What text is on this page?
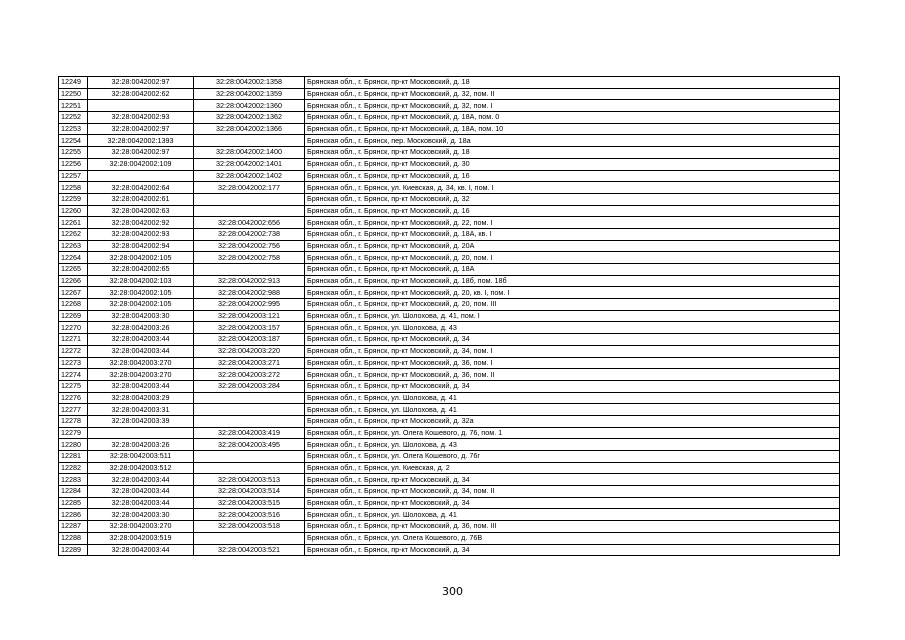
12249	32:28:0042002:97	32:28:0042002:1358	Брянская обл., г. Брянск, пр-кт Московский, д. 18
12250	32:28:0042002:62	32:28:0042002:1359	Брянская обл., г. Брянск, пр-кт Московский, д. 32, пом. II
12251		32:28:0042002:1360	Брянская обл., г. Брянск, пр-кт Московский, д. 32, пом. I
12252	32:28:0042002:93	32:28:0042002:1362	Брянская обл., г. Брянск, пр-кт Московский, д. 18А, пом. 0
12253	32:28:0042002:97	32:28:0042002:1366	Брянская обл., г. Брянск, пр-кт Московский, д. 18А, пом. 10
12254	32:28:0042002:1393		Брянская обл., г. Брянск, пер. Московский, д. 18а
12255	32:28:0042002:97	32:28:0042002:1400	Брянская обл., г. Брянск, пр-кт Московский, д. 18
12256	32:28:0042002:109	32:28:0042002:1401	Брянская обл., г. Брянск, пр-кт Московский, д. 30
12257		32:28:0042002:1402	Брянская обл., г. Брянск, пр-кт Московский, д. 16
12258	32:28:0042002:64	32:28:0042002:177	Брянская обл., г. Брянск, ул. Киевская, д. 34, кв. I, пом. I
12259	32:28:0042002:61		Брянская обл., г. Брянск, пр-кт Московский, д. 32
12260	32:28:0042002:63		Брянская обл., г. Брянск, пр-кт Московский, д. 16
12261	32:28:0042002:92	32:28:0042002:656	Брянская обл., г. Брянск, пр-кт Московский, д. 22, пом. I
12262	32:28:0042002:93	32:28:0042002:738	Брянская обл., г. Брянск, пр-кт Московский, д. 18А, кв. I
12263	32:28:0042002:94	32:28:0042002:756	Брянская обл., г. Брянск, пр-кт Московский, д. 20А
12264	32:28:0042002:105	32:28:0042002:758	Брянская обл., г. Брянск, пр-кт Московский, д. 20, пом. I
12265	32:28:0042002:65		Брянская обл., г. Брянск, пр-кт Московский, д. 18А
12266	32:28:0042002:103	32:28:0042002:913	Брянская обл., г. Брянск, пр-кт Московский, д. 18б, пом. 18б
12267	32:28:0042002:105	32:28:0042002:988	Брянская обл., г. Брянск, пр-кт Московский, д. 20, кв. I, пом. I
12268	32:28:0042002:105	32:28:0042002:995	Брянская обл., г. Брянск, пр-кт Московский, д. 20, пом. III
12269	32:28:0042003:30	32:28:0042003:121	Брянская обл., г. Брянск, ул. Шолохова, д. 41, пом. I
12270	32:28:0042003:26	32:28:0042003:157	Брянская обл., г. Брянск, ул. Шолохова, д. 43
12271	32:28:0042003:44	32:28:0042003:187	Брянская обл., г. Брянск, пр-кт Московский, д. 34
12272	32:28:0042003:44	32:28:0042003:220	Брянская обл., г. Брянск, пр-кт Московский, д. 34, пом. I
12273	32:28:0042003:270	32:28:0042003:271	Брянская обл., г. Брянск, пр-кт Московский, д. 36, пом. I
12274	32:28:0042003:270	32:28:0042003:272	Брянская обл., г. Брянск, пр-кт Московский, д. 36, пом. II
12275	32:28:0042003:44	32:28:0042003:284	Брянская обл., г. Брянск, пр-кт Московский, д. 34
12276	32:28:0042003:29		Брянская обл., г. Брянск, ул. Шолохова, д. 41
12277	32:28:0042003:31		Брянская обл., г. Брянск, ул. Шолохова, д. 41
12278	32:28:0042003:39		Брянская обл., г. Брянск, пр-кт Московский, д. 32а
12279		32:28:0042003:419	Брянская обл., г. Брянск, ул. Олега Кошевого, д. 76, пом. 1
12280	32:28:0042003:26	32:28:0042003:495	Брянская обл., г. Брянск, ул. Шолохова, д. 43
12281	32:28:0042003:511		Брянская обл., г. Брянск, ул. Олега Кошевого, д. 76г
12282	32:28:0042003:512		Брянская обл., г. Брянск, ул. Киевская, д. 2
12283	32:28:0042003:44	32:28:0042003:513	Брянская обл., г. Брянск, пр-кт Московский, д. 34
12284	32:28:0042003:44	32:28:0042003:514	Брянская обл., г. Брянск, пр-кт Московский, д. 34, пом. II
12285	32:28:0042003:44	32:28:0042003:515	Брянская обл., г. Брянск, пр-кт Московский, д. 34
12286	32:28:0042003:30	32:28:0042003:516	Брянская обл., г. Брянск, ул. Шолохова, д. 41
12287	32:28:0042003:270	32:28:0042003:518	Брянская обл., г. Брянск, пр-кт Московский, д. 36, пом. III
12288	32:28:0042003:519		Брянская обл., г. Брянск, ул. Олега Кошевого, д. 76В
12289	32:28:0042003:44	32:28:0042003:521	Брянская обл., г. Брянск, пр-кт Московский, д. 34
300
